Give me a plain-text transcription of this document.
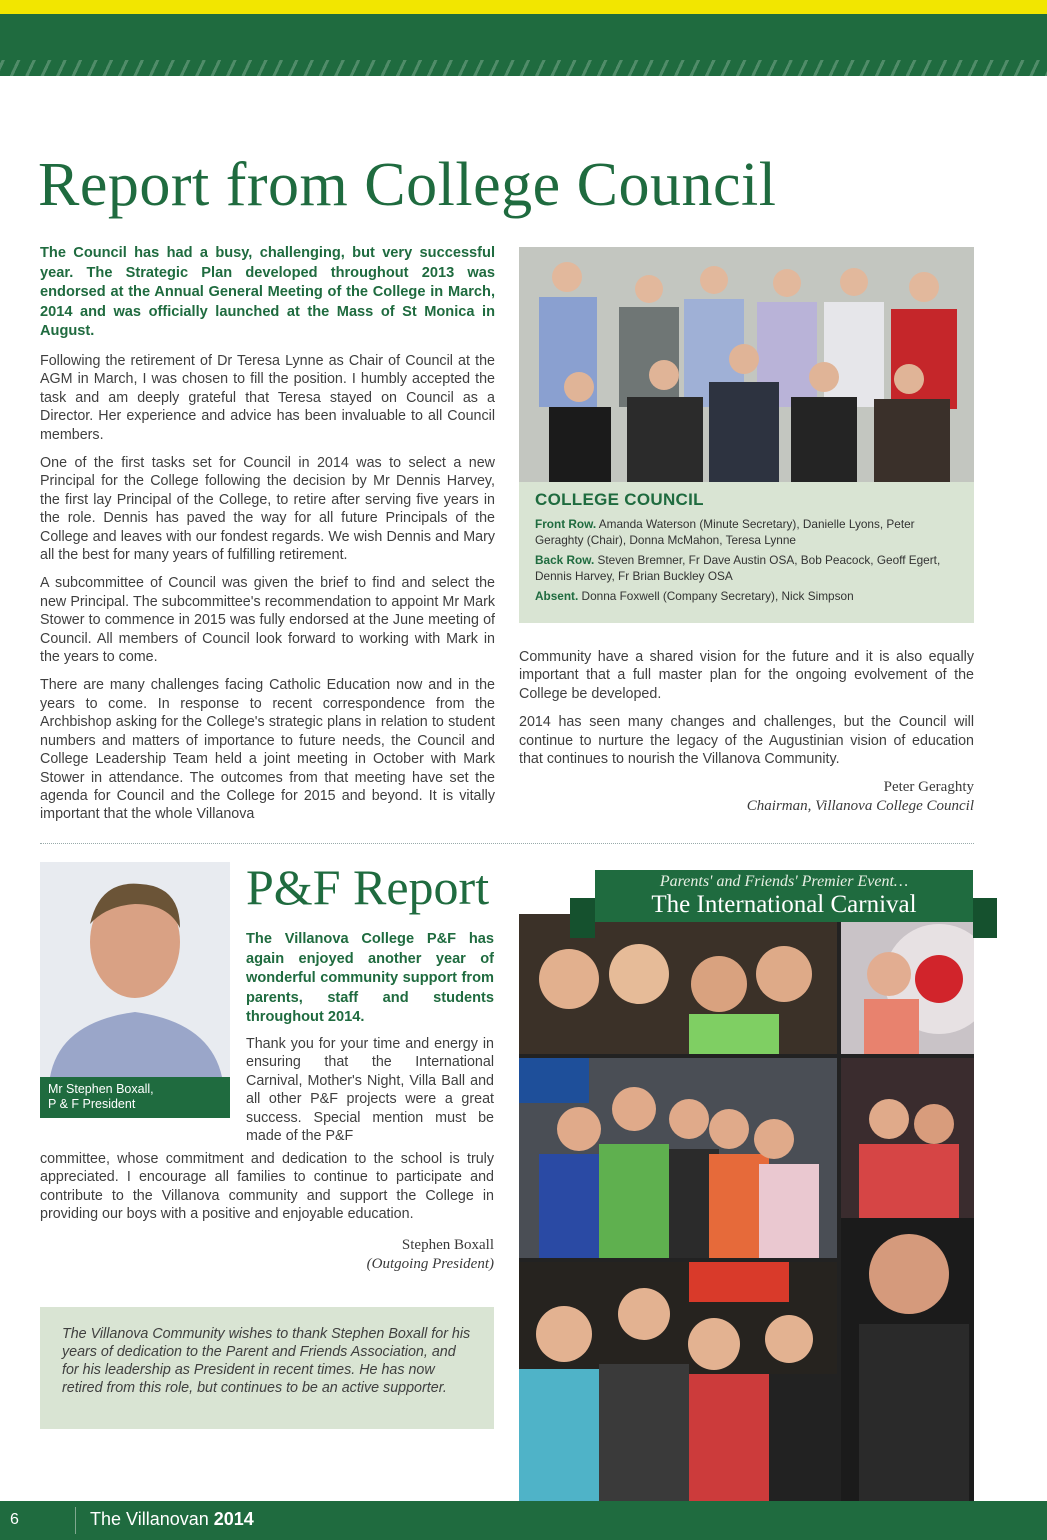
Report from College Council

The Council has had a busy, challenging, but very successful year. The Strategic Plan developed throughout 2013 was endorsed at the Annual General Meeting of the College in March, 2014 and was officially launched at the Mass of St Monica in August.

Following the retirement of Dr Teresa Lynne as Chair of Council at the AGM in March, I was chosen to fill the position. I humbly accepted the task and am deeply grateful that Teresa stayed on Council as a Director. Her experience and advice has been invaluable to all Council members.

One of the first tasks set for Council in 2014 was to select a new Principal for the College following the decision by Mr Dennis Harvey, the first lay Principal of the College, to retire after serving five years in the role. Dennis has paved the way for all future Principals of the College and leaves with our fondest regards. We wish Dennis and Mary all the best for many years of fulfilling retirement.

A subcommittee of Council was given the brief to find and select the new Principal. The subcommittee's recommendation to appoint Mr Mark Stower to commence in 2015 was fully endorsed at the June meeting of Council. All members of Council look forward to working with Mark in the years to come.

There are many challenges facing Catholic Education now and in the years to come. In response to recent correspondence from the Archbishop asking for the College's strategic plans in relation to student numbers and matters of importance to future needs, the Council and College Leadership Team held a joint meeting in October with Mark Stower in attendance. The outcomes from that meeting have set the agenda for Council and the College for 2015 and beyond. It is vitally important that the whole Villanova

COLLEGE COUNCIL

Front Row. Amanda Waterson (Minute Secretary), Danielle Lyons, Peter Geraghty (Chair), Donna McMahon, Teresa Lynne

Back Row. Steven Bremner, Fr Dave Austin OSA, Bob Peacock, Geoff Egert, Dennis Harvey, Fr Brian Buckley OSA

Absent. Donna Foxwell (Company Secretary), Nick Simpson

Community have a shared vision for the future and it is also equally important that a full master plan for the ongoing evolvement of the College be developed.

2014 has seen many changes and challenges, but the Council will continue to nurture the legacy of the Augustinian vision of education that continues to nourish the Villanova Community.

Peter Geraghty
Chairman, Villanova College Council
Mr Stephen Boxall,
P & F President
P&F Report

The Villanova College P&F has again enjoyed another year of wonderful community support from parents, staff and students throughout 2014.

Thank you for your time and energy in ensuring that the International Carnival, Mother's Night, Villa Ball and all other P&F projects were a great success. Special mention must be made of the P&F

committee, whose commitment and dedication to the school is truly appreciated. I encourage all families to continue to participate and contribute to the Villanova community and support the College in providing our boys with a positive and enjoyable education.

Stephen Boxall
(Outgoing President)
The Villanova Community wishes to thank Stephen Boxall for his years of dedication to the Parent and Friends Association, and for his leadership as President in recent times. He has now retired from this role, but continues to be an active supporter.
Parents' and Friends' Premier Event…
The International Carnival
6	The Villanovan 2014
